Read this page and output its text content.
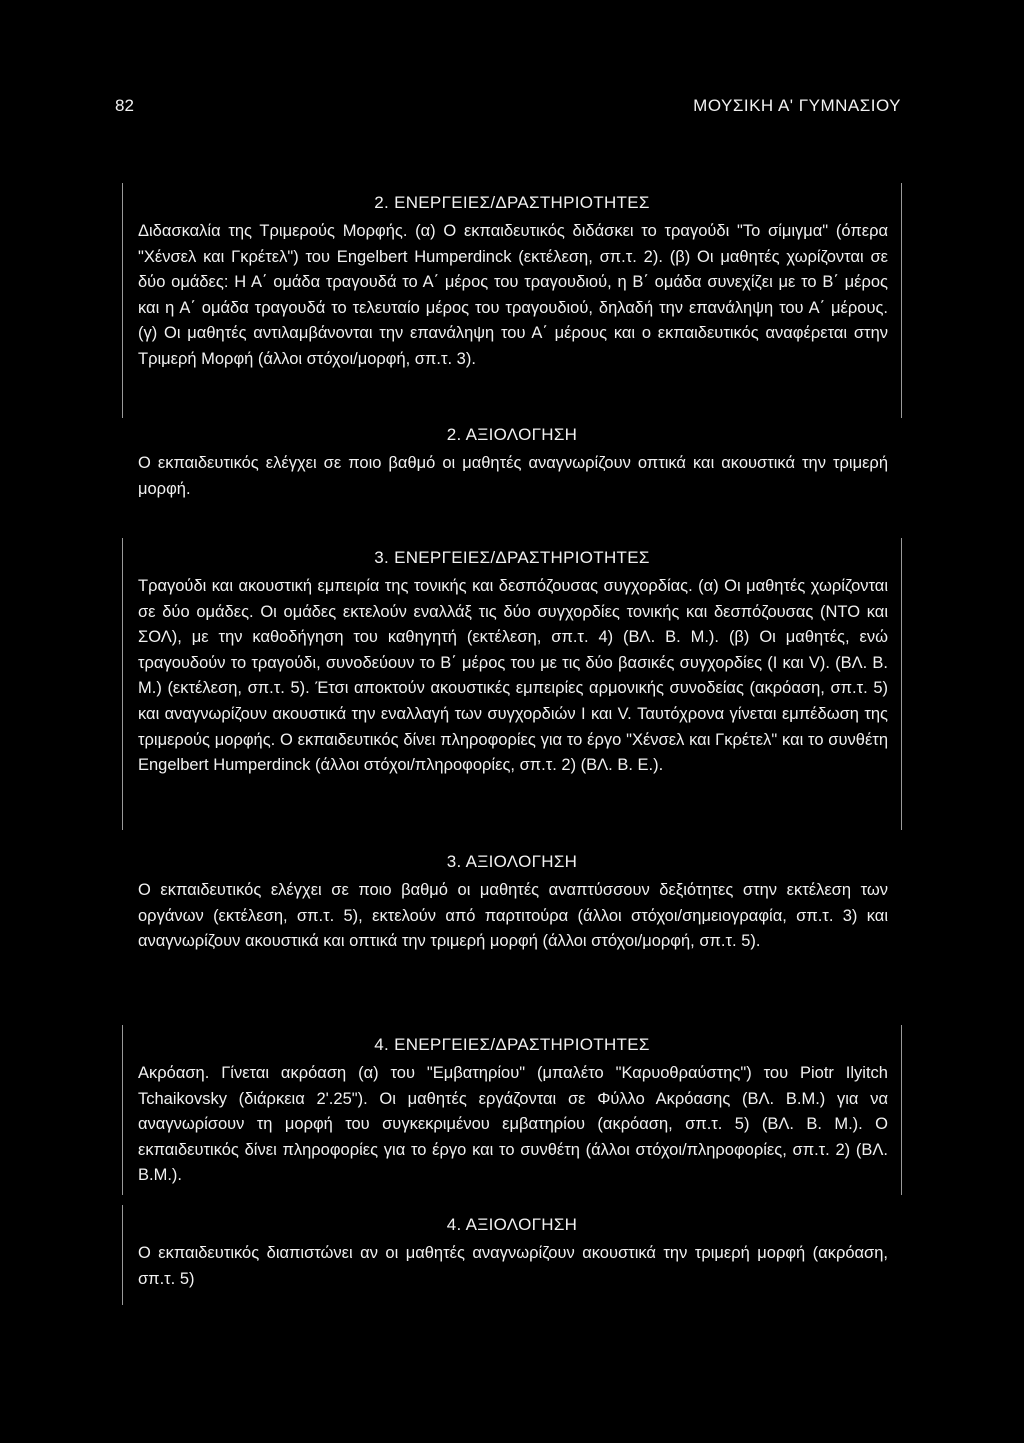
82	ΜΟΥΣΙΚΗ Α' ΓΥΜΝΑΣΙΟΥ
2. ΕΝΕΡΓΕΙΕΣ/ΔΡΑΣΤΗΡΙΟΤΗΤΕΣ
Διδασκαλία της Τριμερούς Μορφής. (α) Ο εκπαιδευτικός διδάσκει το τραγούδι "Το σίμιγμα" (όπερα "Χένσελ και Γκρέτελ") του Engelbert Humperdinck (εκτέλεση, σπ.τ. 2). (β) Οι μαθητές χωρίζονται σε δύο ομάδες: Η Α΄ ομάδα τραγουδά το Α΄ μέρος του τραγουδιού, η Β΄ ομάδα συνεχίζει με το Β΄ μέρος και η Α΄ ομάδα τραγουδά το τελευταίο μέρος του τραγουδιού, δηλαδή την επανάληψη του Α΄ μέρους. (γ) Οι μαθητές αντιλαμβάνονται την επανάληψη του Α΄ μέρους και ο εκπαιδευτικός αναφέρεται στην Τριμερή Μορφή (άλλοι στόχοι/μορφή, σπ.τ. 3).
2. ΑΞΙΟΛΟΓΗΣΗ
Ο εκπαιδευτικός ελέγχει σε ποιο βαθμό οι μαθητές αναγνωρίζουν οπτικά και ακουστικά την τριμερή μορφή.
3. ΕΝΕΡΓΕΙΕΣ/ΔΡΑΣΤΗΡΙΟΤΗΤΕΣ
Τραγούδι και ακουστική εμπειρία της τονικής και δεσπόζουσας συγχορδίας. (α) Οι μαθητές χωρίζονται σε δύο ομάδες. Οι ομάδες εκτελούν εναλλάξ τις δύο συγχορδίες τονικής και δεσπόζουσας (ΝΤΟ και ΣΟΛ), με την καθοδήγηση του καθηγητή (εκτέλεση, σπ.τ. 4) (ΒΛ. Β. Μ.). (β) Οι μαθητές, ενώ τραγουδούν το τραγούδι, συνοδεύουν το Β΄ μέρος του με τις δύο βασικές συγχορδίες (Ι και V). (ΒΛ. Β. Μ.) (εκτέλεση, σπ.τ. 5). Έτσι αποκτούν ακουστικές εμπειρίες αρμονικής συνοδείας (ακρόαση, σπ.τ. 5) και αναγνωρίζουν ακουστικά την εναλλαγή των συγχορδιών Ι και V. Ταυτόχρονα γίνεται εμπέδωση της τριμερούς μορφής. Ο εκπαιδευτικός δίνει πληροφορίες για το έργο "Χένσελ και Γκρέτελ" και το συνθέτη Engelbert Humperdinck (άλλοι στόχοι/πληροφορίες, σπ.τ. 2) (ΒΛ. Β. Ε.).
3. ΑΞΙΟΛΟΓΗΣΗ
Ο εκπαιδευτικός ελέγχει σε ποιο βαθμό οι μαθητές αναπτύσσουν δεξιότητες στην εκτέλεση των οργάνων (εκτέλεση, σπ.τ. 5), εκτελούν από παρτιτούρα (άλλοι στόχοι/σημειογραφία, σπ.τ. 3) και αναγνωρίζουν ακουστικά και οπτικά την τριμερή μορφή (άλλοι στόχοι/μορφή, σπ.τ. 5).
4. ΕΝΕΡΓΕΙΕΣ/ΔΡΑΣΤΗΡΙΟΤΗΤΕΣ
Ακρόαση. Γίνεται ακρόαση (α) του "Εμβατηρίου" (μπαλέτο "Καρυοθραύστης") του Piotr Ilyitch Tchaikovsky (διάρκεια 2'.25"). Οι μαθητές εργάζονται σε Φύλλο Ακρόασης (ΒΛ. Β.Μ.) για να αναγνωρίσουν τη μορφή του συγκεκριμένου εμβατηρίου (ακρόαση, σπ.τ. 5) (ΒΛ. Β. Μ.). Ο εκπαιδευτικός δίνει πληροφορίες για το έργο και το συνθέτη (άλλοι στόχοι/πληροφορίες, σπ.τ. 2) (ΒΛ. Β.Μ.).
4. ΑΞΙΟΛΟΓΗΣΗ
Ο εκπαιδευτικός διαπιστώνει αν οι μαθητές αναγνωρίζουν ακουστικά την τριμερή μορφή (ακρόαση, σπ.τ. 5)
